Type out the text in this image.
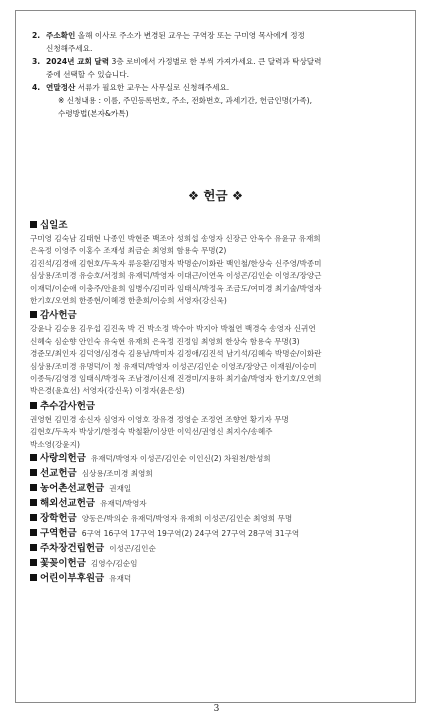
2. 주소확인 올해 이사로 주소가 변경된 교우는 구역장 또는 구미영 목사에게 정정
신청해주세요.
3. 2024년 교회 달력 3층 로비에서 가정별로 한 부씩 가져가세요. 큰 달력과 탁상달력
중에 선택할 수 있습니다.
4. 연말정산 서류가 필요한 교우는 사무실로 신청해주세요.
※ 신청내용 : 이름, 주민등록번호, 주소, 전화번호, 과세기간, 헌금인명(가족),
수령방법(본자&카톡)
❖ 헌금 ❖
십일조
구미영 김숙남 김태현 나종인 박현준 백조아 성희섭 송영자 신장근 안옥수 유윤규 유재희
은옥정 이영주 이홍수 조재성 최금순 최영희 함용숙 무명(2)
김진석/김경애 김현호/두옥자 류응환/김명자 박명순/이화란 백인철/한상숙 신주영/박종미
심상용/조미경 유승호/서정희 유재덕/박영자 이대근/이연옥 이성곤/김인순 이영조/장양근
이재덕/이순애 이충주/안윤희 임병수/김미라 임태식/박정옥 조금도/여미경 최기술/박영자
한기호/오연희 한종현/이혜경 한춘희/이승희 서영자(강신욱)
감사헌금
강윤나 김승용 김우섭 김진옥 박 건 박소정 박수아 박지아 박철연 백경숙 송영자 신귀연
신혜숙 심순향 안인숙 유숙현 유재희 은옥정 진정임 최영희 한상숙 함용숙 무명(3)
경준모/최인자 김덕영/심경숙 김용남/박미자 김정애/김진석 남기석/김혜숙 박명순/이화란
심상용/조미경 유명덕/이 청 유재덕/박영자 이성곤/김인순 이영조/장양근 이재원/이승미
이종득/김영경 임태식/박정옥 조남경/이신재 진경미/지용하 최기술/박영자 한기호/오연희
박은경(윤효선) 서영자(강신욱) 이정자(윤은성)
추수감사헌금
권영현 김민경 송신자 심영자 이영호 장유경 정영순 조정연 조향연 황기자 무명
김현호/두옥자 박상기/한정숙 박철환/이상만 이익선/권영신 최지수/송혜주
박소영(강윤지)
사랑의헌금 유재덕/박영자 이성곤/김인순 이인신(2) 차원천/한성희
선교헌금 심상용/조미경 최영희
농어촌선교헌금 권재일
해외선교헌금 유재덕/박영자
장학헌금 양동은/박의순 유재덕/박영자 유재희 이성곤/김인순 최영희 무명
구역헌금 6구역 16구역 17구역 19구역(2) 24구역 27구역 28구역 31구역
주차장건립헌금 이성곤/김인순
꽃꽂이헌금 김영수/김순임
어린이부후원금 유재덕
3
